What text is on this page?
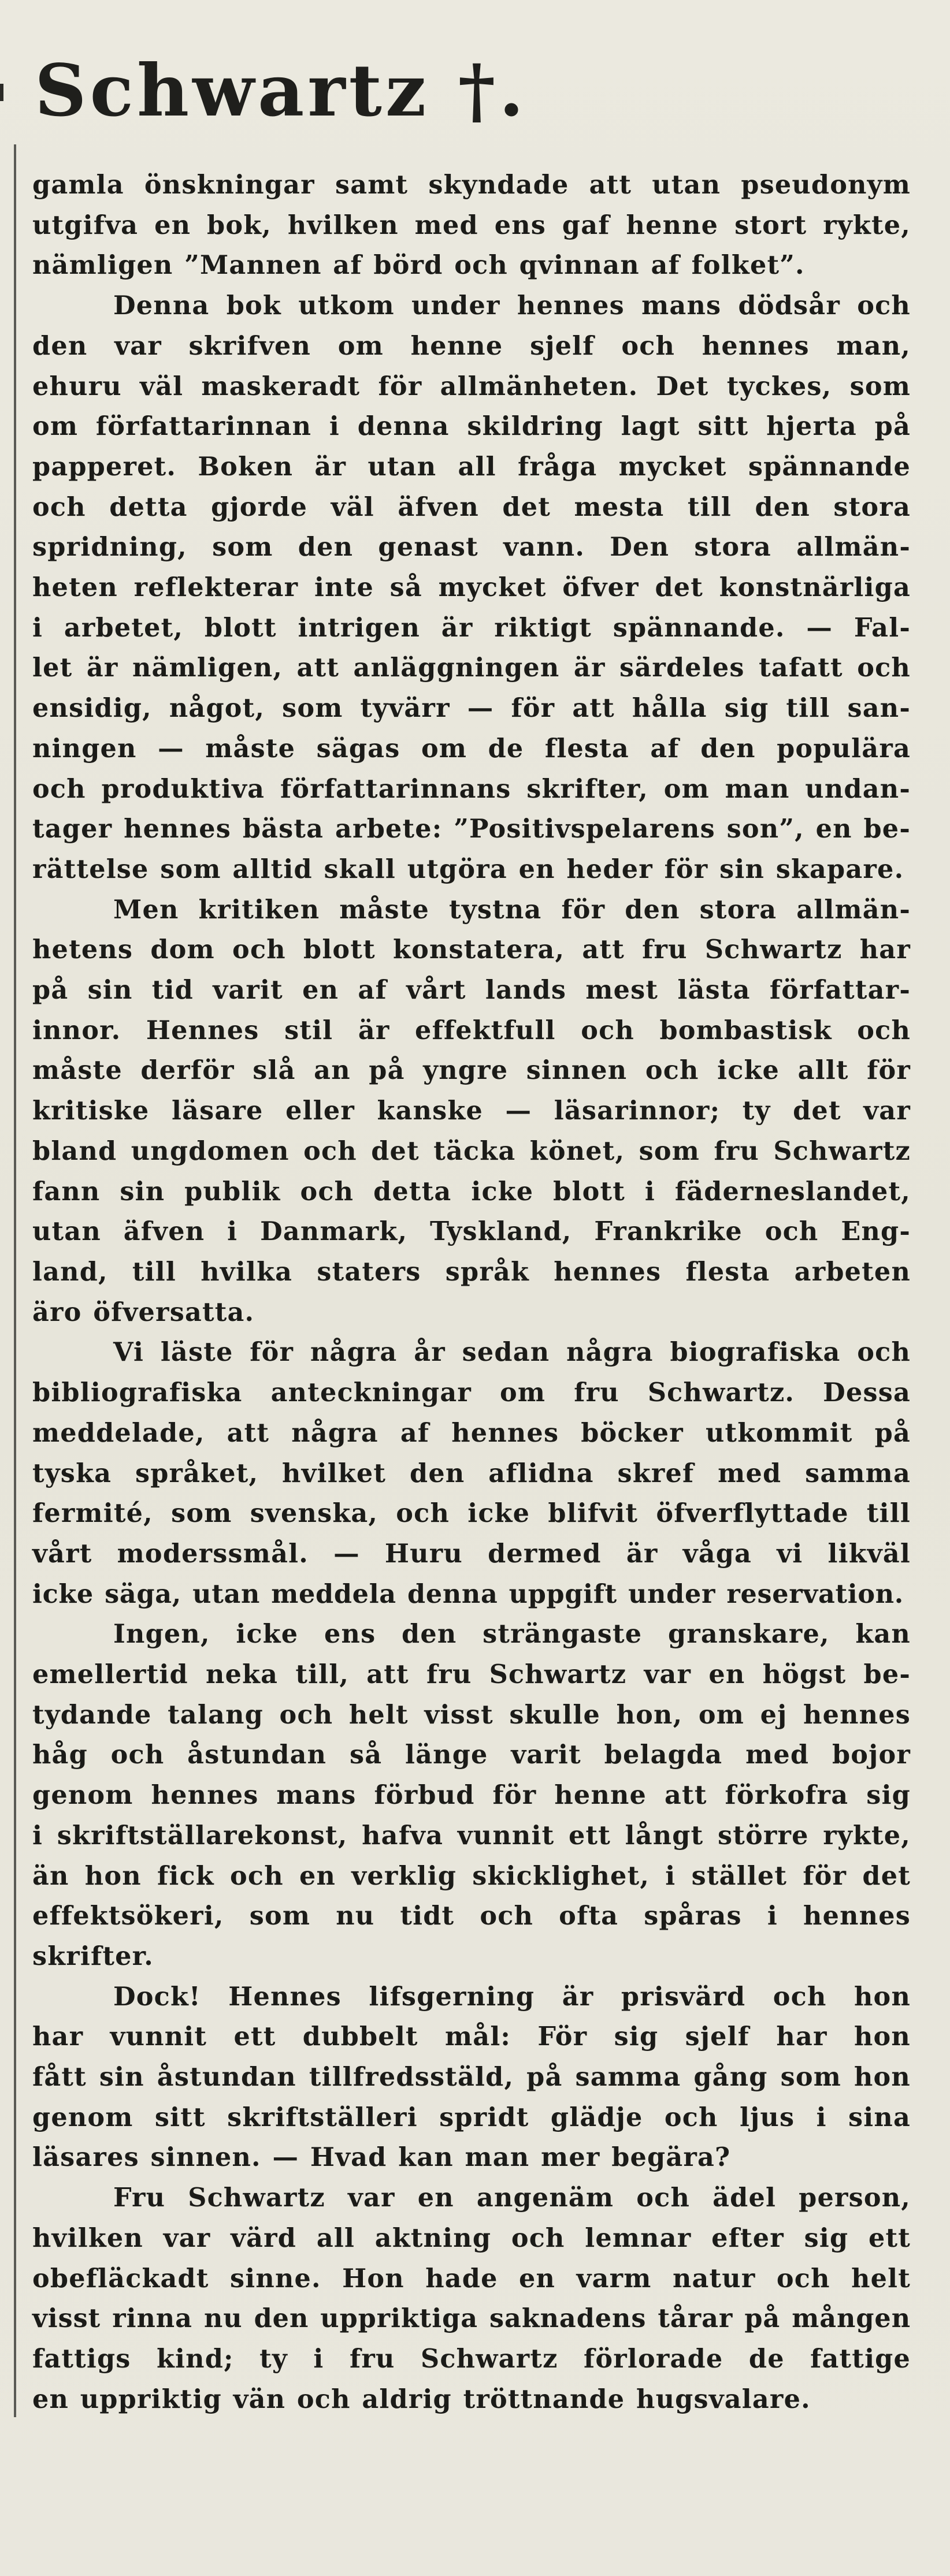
Schwartz †.

gamla önskningar samt skyndade att utan pseudonym

utgifva en bok, hvilken med ens gaf henne stort rykte,

nämligen ”Mannen af börd och qvinnan af folket”.

Denna bok utkom under hennes mans dödsår och

den var skrifven om henne sjelf och hennes man,

ehuru väl maskeradt för allmänheten. Det tyckes, som

om författarinnan i denna skildring lagt sitt hjerta på

papperet. Boken är utan all fråga mycket spännande

och detta gjorde väl äfven det mesta till den stora

spridning, som den genast vann. Den stora allmän-

heten reflekterar inte så mycket öfver det konstnärliga

i arbetet, blott intrigen är riktigt spännande. — Fal-

let är nämligen, att anläggningen är särdeles tafatt och

ensidig, något, som tyvärr — för att hålla sig till san-

ningen — måste sägas om de flesta af den populära

och produktiva författarinnans skrifter, om man undan-

tager hennes bästa arbete: ”Positivspelarens son”, en be-

rättelse som alltid skall utgöra en heder för sin skapare.

Men kritiken måste tystna för den stora allmän-

hetens dom och blott konstatera, att fru Schwartz har

på sin tid varit en af vårt lands mest lästa författar-

innor. Hennes stil är effektfull och bombastisk och

måste derför slå an på yngre sinnen och icke allt för

kritiske läsare eller kanske — läsarinnor; ty det var

bland ungdomen och det täcka könet, som fru Schwartz

fann sin publik och detta icke blott i fäderneslandet,

utan äfven i Danmark, Tyskland, Frankrike och Eng-

land, till hvilka staters språk hennes flesta arbeten

äro öfversatta.

Vi läste för några år sedan några biografiska och

bibliografiska anteckningar om fru Schwartz. Dessa

meddelade, att några af hennes böcker utkommit på

tyska språket, hvilket den aflidna skref med samma

fermité, som svenska, och icke blifvit öfverflyttade till

vårt moderssmål. — Huru dermed är våga vi likväl

icke säga, utan meddela denna uppgift under reservation.

Ingen, icke ens den strängaste granskare, kan

emellertid neka till, att fru Schwartz var en högst be-

tydande talang och helt visst skulle hon, om ej hennes

håg och åstundan så länge varit belagda med bojor

genom hennes mans förbud för henne att förkofra sig

i skriftställarekonst, hafva vunnit ett långt större rykte,

än hon fick och en verklig skicklighet, i stället för det

effektsökeri, som nu tidt och ofta spåras i hennes

skrifter.

Dock! Hennes lifsgerning är prisvärd och hon

har vunnit ett dubbelt mål: För sig sjelf har hon

fått sin åstundan tillfredsstäld, på samma gång som hon

genom sitt skriftställeri spridt glädje och ljus i sina

läsares sinnen. — Hvad kan man mer begära?

Fru Schwartz var en angenäm och ädel person,

hvilken var värd all aktning och lemnar efter sig ett

obefläckadt sinne. Hon hade en varm natur och helt

visst rinna nu den uppriktiga saknadens tårar på mången

fattigs kind; ty i fru Schwartz förlorade de fattige

en uppriktig vän och aldrig tröttnande hugsvalare.
